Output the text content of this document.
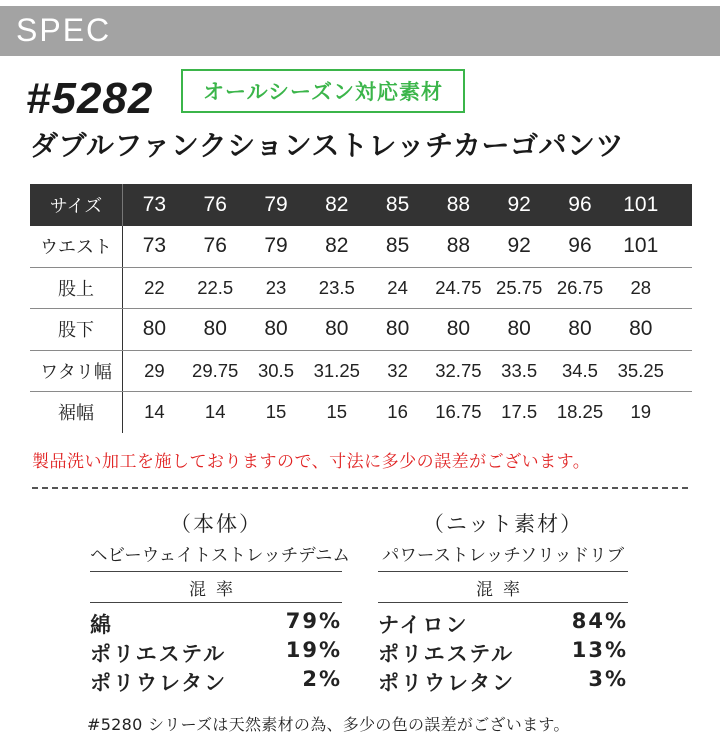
SPEC
#5282	オールシーズン対応素材
ダブルファンクションストレッチカーゴパンツ
サイズ	73	76	79	82	85	88	92	96	101
ウエスト	73	76	79	82	85	88	92	96	101
股上	22	22.5	23	23.5	24	24.75 25.75 26.75	28
股下	80	80	80	80	80	80	80	80	80
ワタリ幅	29	29.75	30.5	31.25	32	32.75	33.5	34.5	35.25
裾幅	14	14	15	15	16	16.75	17.5	18.25	19
製品洗い加工を施しておりますので、寸法に多少の誤差がございます。
（本体）
ヘビーウェイトストレッチデニム
混率
綿	79%
ポリエステル	19%
ポリウレタン	2%
（ニット素材）
パワーストレッチソリッドリブ
混率
ナイロン	84%
ポリエステル	13%
ポリウレタン	3%
#5280 シリーズは天然素材の為、多少の色の誤差がございます。
